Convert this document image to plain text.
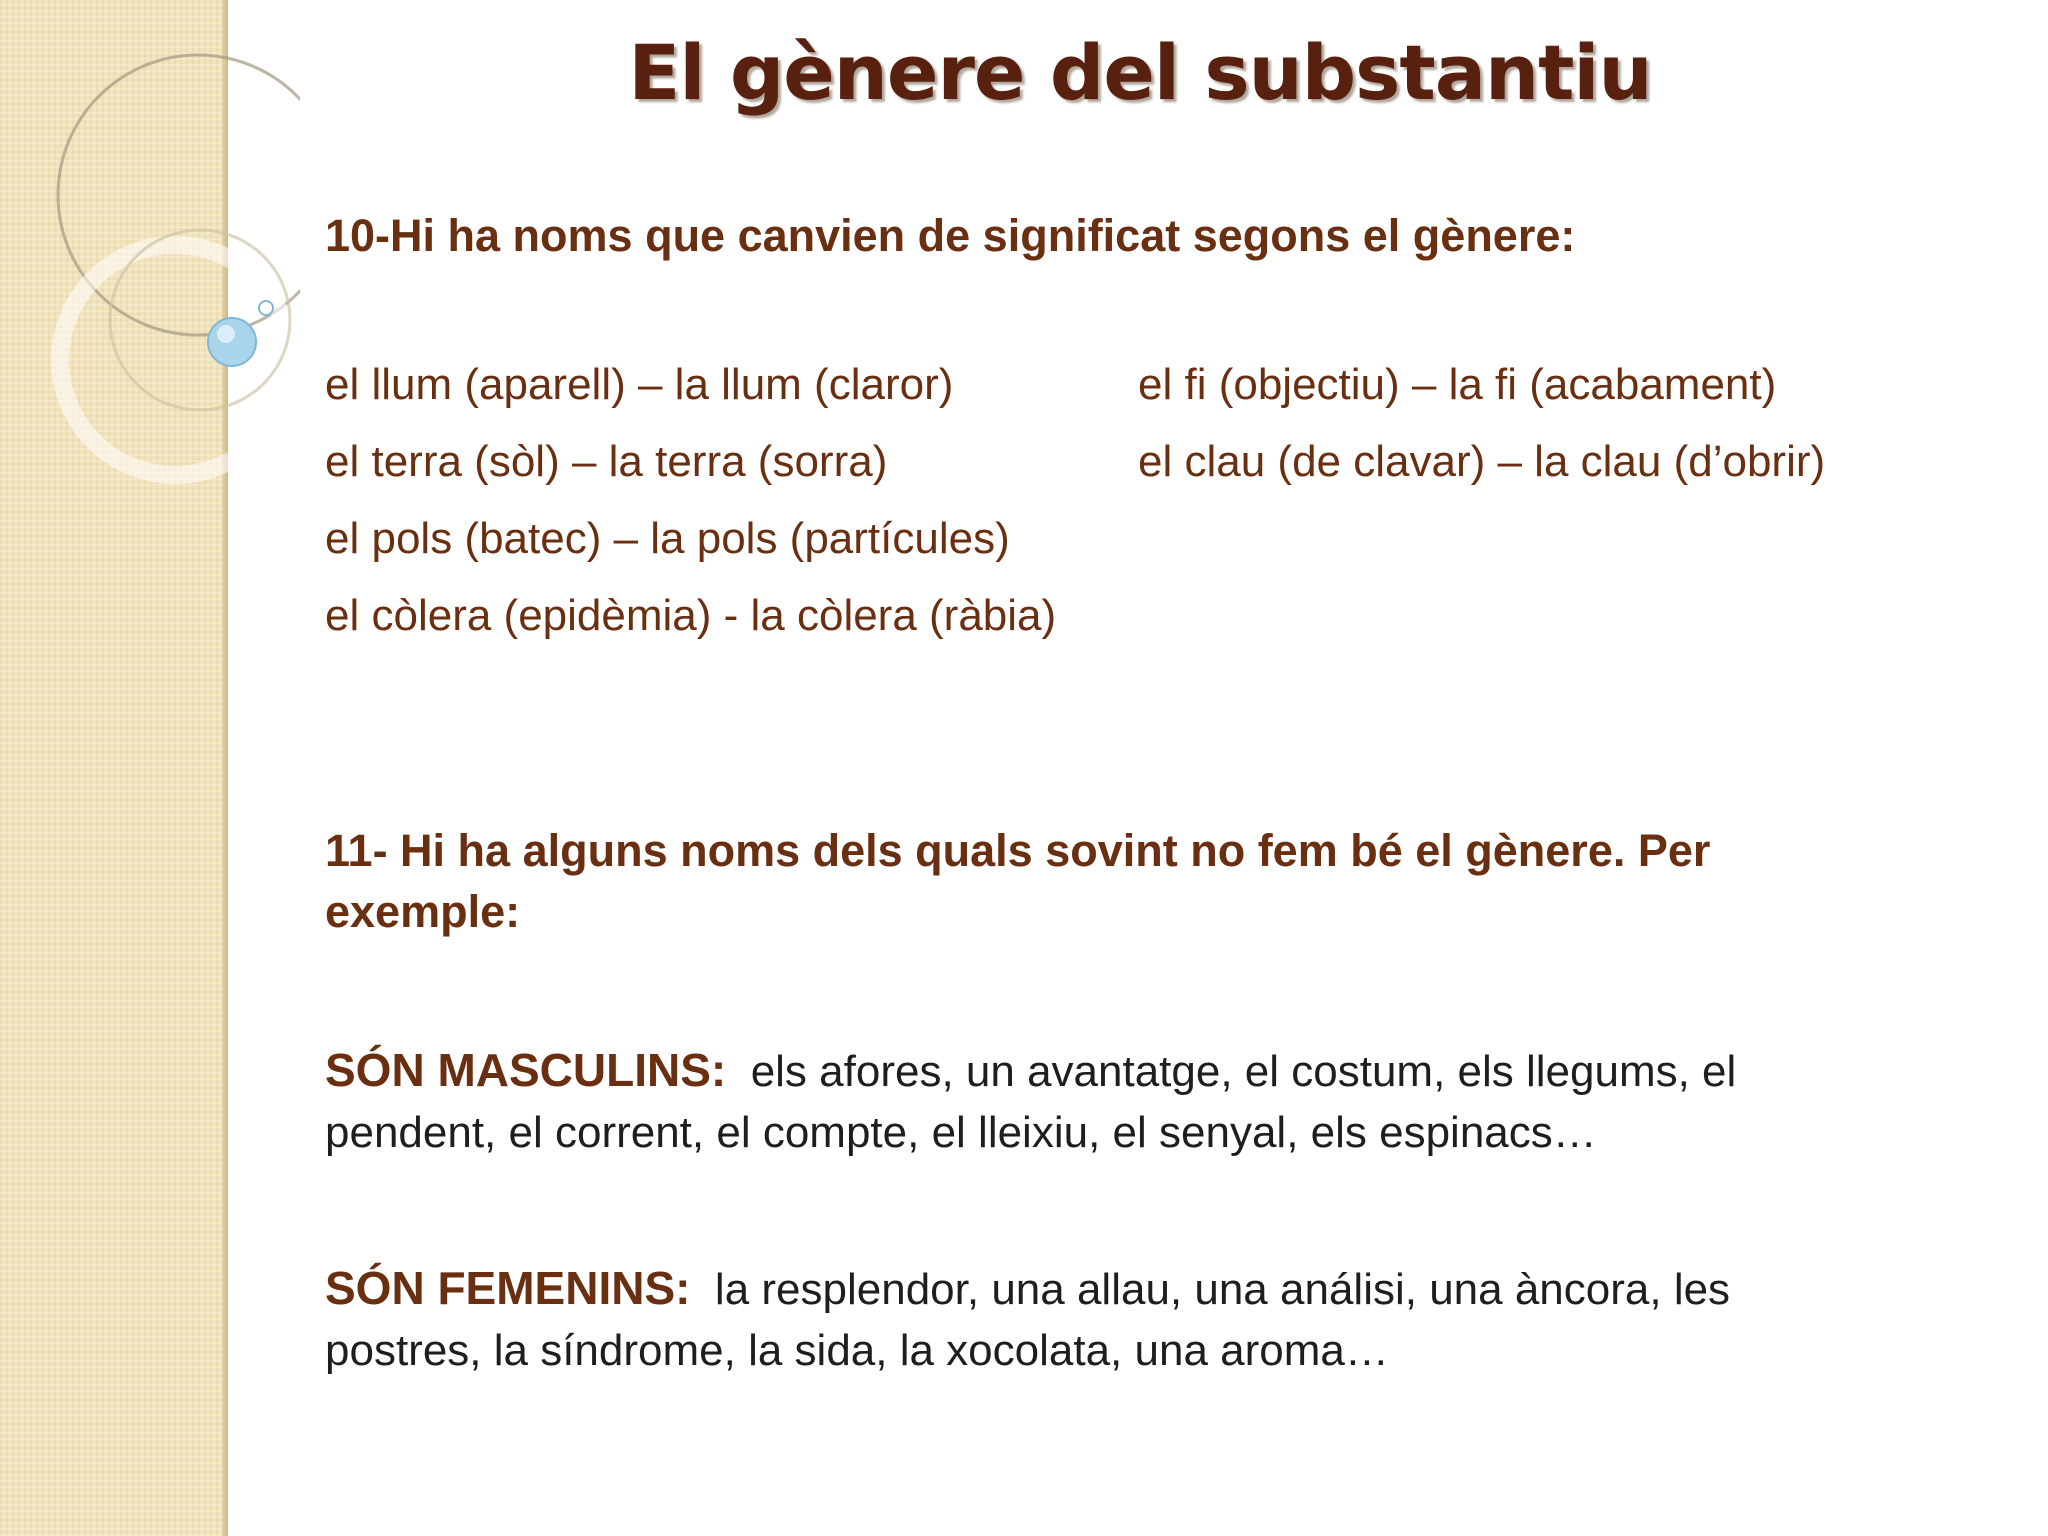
El gènere del substantiu

10-Hi ha noms que canvien de significat segons el gènere:

el llum (aparell) – la llum (claror)

el terra (sòl) – la terra (sorra)

el pols (batec) – la pols (partícules)

el còlera (epidèmia) - la còlera (ràbia)

el fi (objectiu) – la fi (acabament)

el clau (de clavar) – la clau (d’obrir)

11- Hi ha alguns noms dels quals sovint no fem bé el gènere. Per exemple:

SÓN MASCULINS: els afores, un avantatge, el costum, els llegums, el pendent, el corrent, el compte, el lleixiu, el senyal, els espinacs…

SÓN FEMENINS: la resplendor, una allau, una análisi, una àncora, les postres, la síndrome, la sida, la xocolata, una aroma…
